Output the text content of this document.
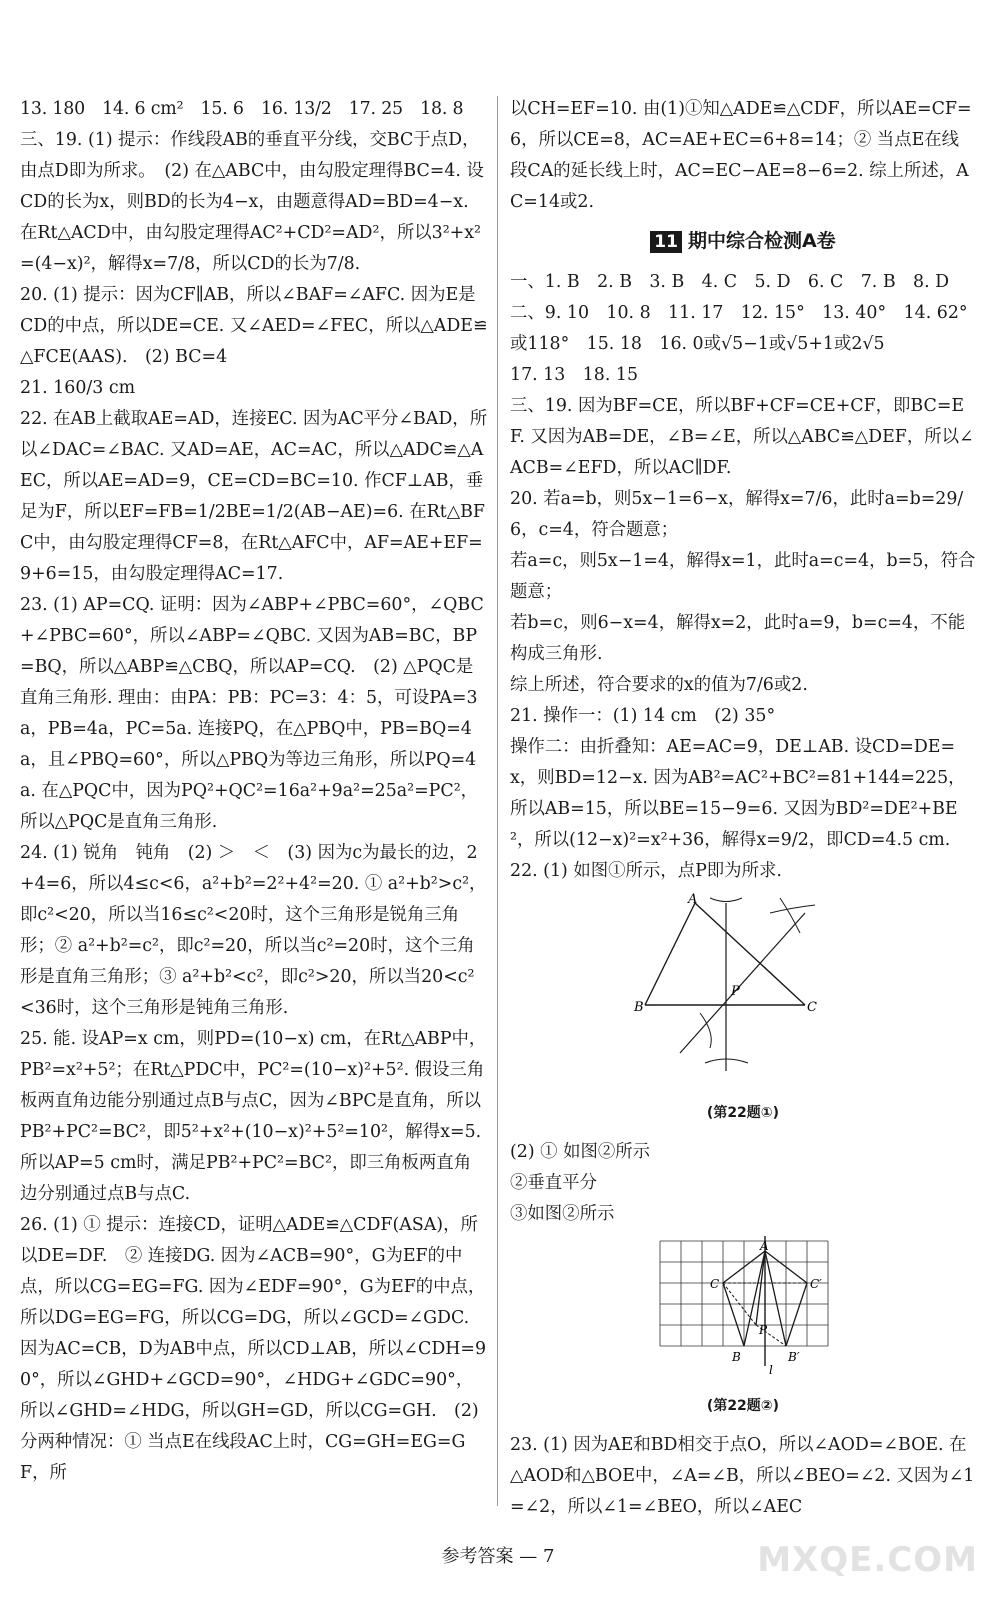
13. 180　14. 6 cm²　15. 6　16. 13/2　17. 25　18. 8

三、19. (1) 提示：作线段AB的垂直平分线，交BC于点D，由点D即为所求。　(2) 在△ABC中，由勾股定理得BC=4. 设CD的长为x，则BD的长为4−x，由题意得AD=BD=4−x. 在Rt△ACD中，由勾股定理得AC²+CD²=AD²，所以3²+x²=(4−x)²，解得x=7/8，所以CD的长为7/8.

20. (1) 提示：因为CF∥AB，所以∠BAF=∠AFC. 因为E是CD的中点，所以DE=CE. 又∠AED=∠FEC，所以△ADE≌△FCE(AAS).　(2) BC=4

21. 160/3 cm

22. 在AB上截取AE=AD，连接EC. 因为AC平分∠BAD，所以∠DAC=∠BAC. 又AD=AE，AC=AC，所以△ADC≌△AEC，所以AE=AD=9，CE=CD=BC=10. 作CF⊥AB，垂足为F，所以EF=FB=1/2BE=1/2(AB−AE)=6. 在Rt△BFC中，由勾股定理得CF=8，在Rt△AFC中，AF=AE+EF=9+6=15，由勾股定理得AC=17.

23. (1) AP=CQ. 证明：因为∠ABP+∠PBC=60°，∠QBC+∠PBC=60°，所以∠ABP=∠QBC. 又因为AB=BC，BP=BQ，所以△ABP≌△CBQ，所以AP=CQ.　(2) △PQC是直角三角形. 理由：由PA：PB：PC=3：4：5，可设PA=3a，PB=4a，PC=5a. 连接PQ，在△PBQ中，PB=BQ=4a，且∠PBQ=60°，所以△PBQ为等边三角形，所以PQ=4a. 在△PQC中，因为PQ²+QC²=16a²+9a²=25a²=PC²，所以△PQC是直角三角形.

24. (1) 锐角　钝角　(2) ＞　＜　(3) 因为c为最长的边，2+4=6，所以4≤c<6，a²+b²=2²+4²=20. ① a²+b²>c²，即c²<20，所以当16≤c²<20时，这个三角形是锐角三角形；② a²+b²=c²，即c²=20，所以当c²=20时，这个三角形是直角三角形；③ a²+b²<c²，即c²>20，所以当20<c²<36时，这个三角形是钝角三角形.

25. 能. 设AP=x cm，则PD=(10−x) cm，在Rt△ABP中，PB²=x²+5²；在Rt△PDC中，PC²=(10−x)²+5². 假设三角板两直角边能分别通过点B与点C，因为∠BPC是直角，所以PB²+PC²=BC²，即5²+x²+(10−x)²+5²=10²，解得x=5. 所以AP=5 cm时，满足PB²+PC²=BC²，即三角板两直角边分别通过点B与点C.

26. (1) ① 提示：连接CD，证明△ADE≌△CDF(ASA)，所以DE=DF.　② 连接DG. 因为∠ACB=90°，G为EF的中点，所以CG=EG=FG. 因为∠EDF=90°，G为EF的中点，所以DG=EG=FG，所以CG=DG，所以∠GCD=∠GDC. 因为AC=CB，D为AB中点，所以CD⊥AB，所以∠CDH=90°，所以∠GHD+∠GCD=90°，∠HDG+∠GDC=90°，所以∠GHD=∠HDG，所以GH=GD，所以CG=GH.　(2) 分两种情况：① 当点E在线段AC上时，CG=GH=EG=GF，所

以CH=EF=10. 由(1)①知△ADE≌△CDF，所以AE=CF=6，所以CE=8，AC=AE+EC=6+8=14；② 当点E在线段CA的延长线上时，AC=EC−AE=8−6=2. 综上所述，AC=14或2.

11 期中综合检测A卷

一、1. B　2. B　3. B　4. C　5. D　6. C　7. B　8. D

二、9. 10　10. 8　11. 17　12. 15°　13. 40°　14. 62°或118°　15. 18　16. 0或√5−1或√5+1或2√5

17. 13　18. 15

三、19. 因为BF=CE，所以BF+CF=CE+CF，即BC=EF. 又因为AB=DE，∠B=∠E，所以△ABC≌△DEF，所以∠ACB=∠EFD，所以AC∥DF.

20. 若a=b，则5x−1=6−x，解得x=7/6，此时a=b=29/6，c=4，符合题意；

若a=c，则5x−1=4，解得x=1，此时a=c=4，b=5，符合题意；

若b=c，则6−x=4，解得x=2，此时a=9，b=c=4，不能构成三角形.

综上所述，符合要求的x的值为7/6或2.

21. 操作一：(1) 14 cm　(2) 35°

操作二：由折叠知：AE=AC=9，DE⊥AB. 设CD=DE=x，则BD=12−x. 因为AB²=AC²+BC²=81+144=225，所以AB=15，所以BE=15−9=6. 又因为BD²=DE²+BE²，所以(12−x)²=x²+36，解得x=9/2，即CD=4.5 cm.

22. (1) 如图①所示，点P即为所求.

A
B	C
P
(第22题①)

(2) ① 如图②所示

②垂直平分

③如图②所示

A
C	C′
P
B	B′
l
(第22题②)

23. (1) 因为AE和BD相交于点O，所以∠AOD=∠BOE. 在△AOD和△BOE中，∠A=∠B，所以∠BEO=∠2. 又因为∠1=∠2，所以∠1=∠BEO，所以∠AEC

参考答案 — 7	MXQE.COM
